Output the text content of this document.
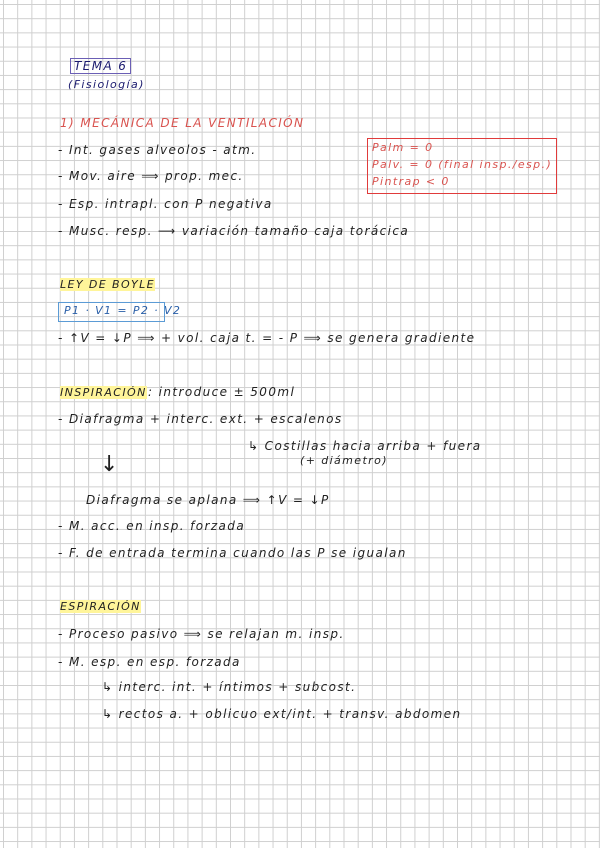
TEMA 6
(Fisiología)
1) MECÁNICA DE LA VENTILACIÓN
- Int. gases alveolos - atm.
- Mov. aire ⟹ prop. mec.
- Esp. intrapl. con P negativa
- Musc. resp. ⟶ variación tamaño caja torácica
Palm = 0
Palv. = 0 (final insp./esp.)
Pintrap < 0
LEY DE BOYLE
P1 · V1 = P2 · V2
- ↑V = ↓P ⟹ + vol. caja t. = - P ⟹ se genera gradiente
INSPIRACIÓN : introduce ± 500ml
- Diafragma + interc. ext. + escalenos
↳ Costillas hacia arriba + fuera
(+ diámetro)
↓
Diafragma se aplana ⟹ ↑V = ↓P
- M. acc. en insp. forzada
- F. de entrada termina cuando las P se igualan
ESPIRACIÓN
- Proceso pasivo ⟹ se relajan m. insp.
- M. esp. en esp. forzada
↳ interc. int. + íntimos + subcost.
↳ rectos a. + oblicuo ext/int. + transv. abdomen
